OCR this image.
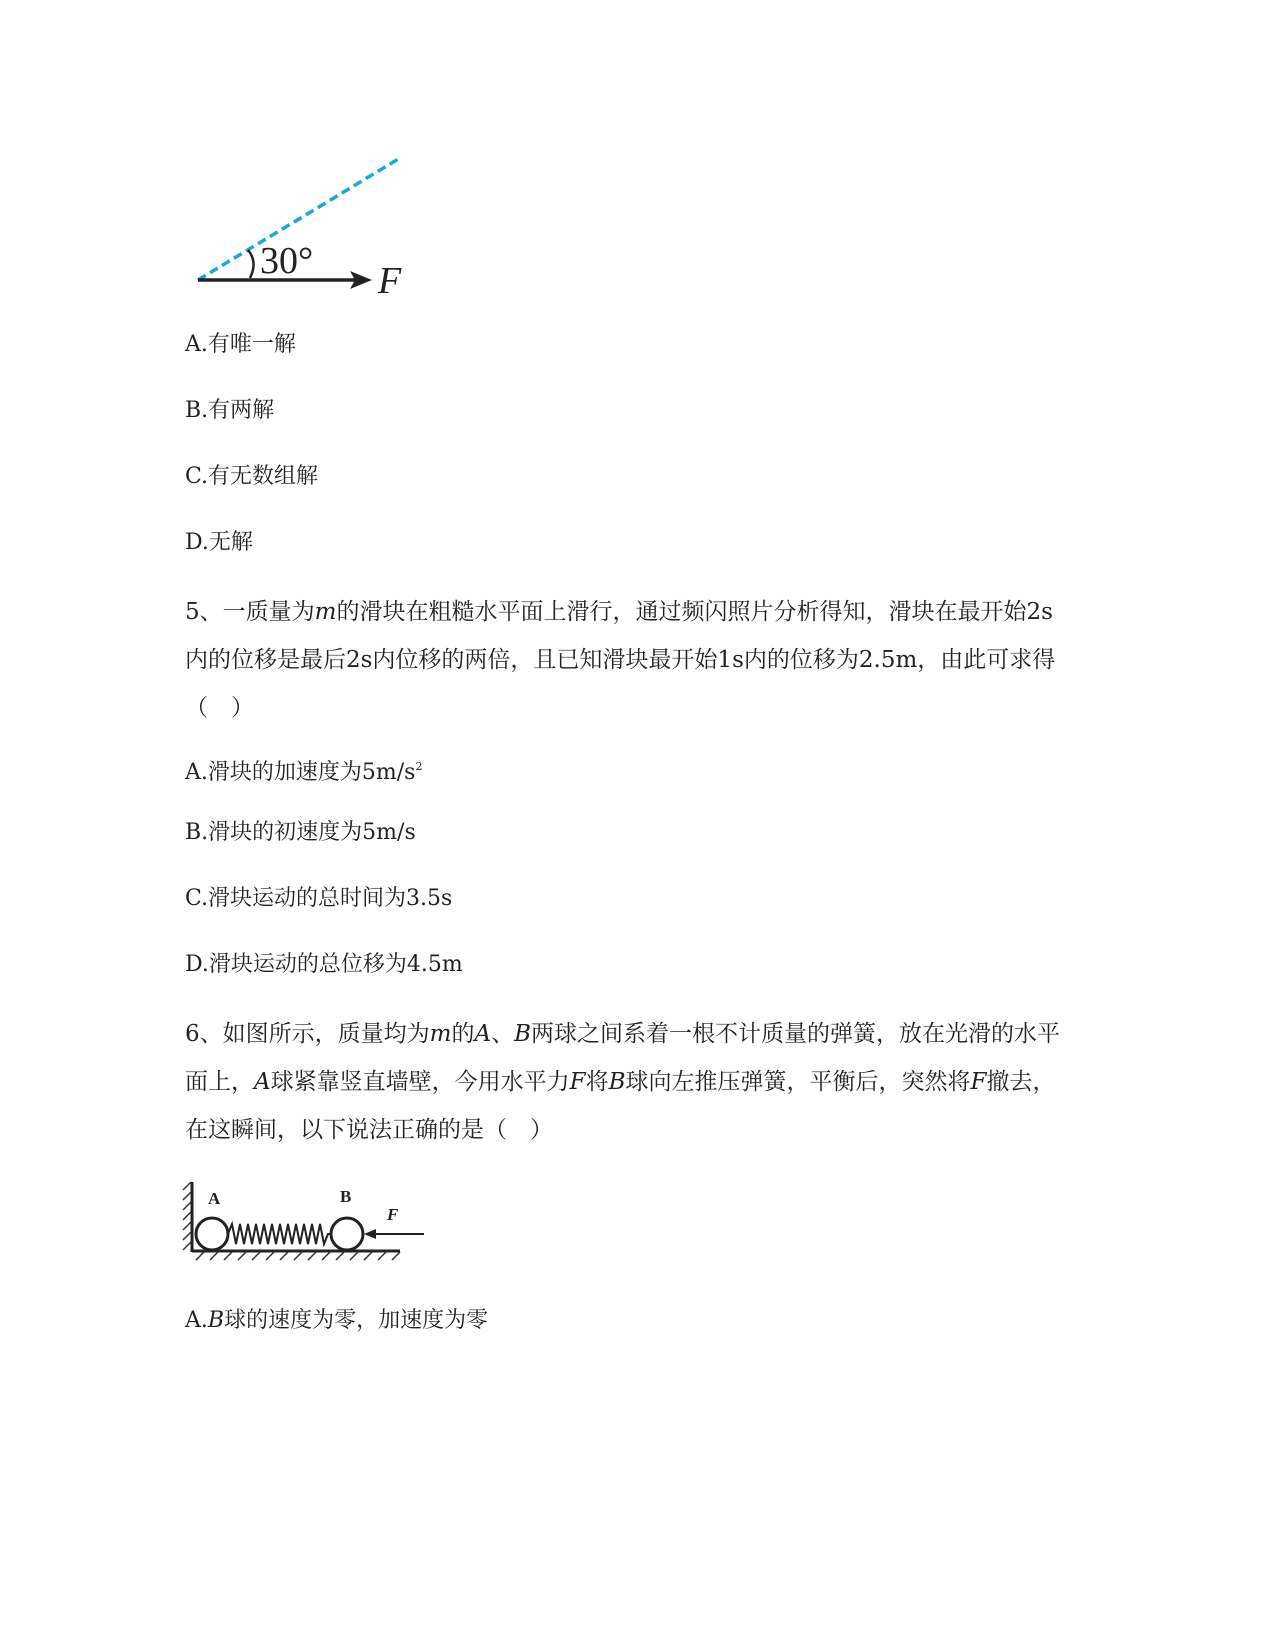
30° F
A.有唯一解
B.有两解
C.有无数组解
D.无解
5、一质量为m的滑块在粗糙水平面上滑行，通过频闪照片分析得知，滑块在最开始2s内的位移是最后2s内位移的两倍，且已知滑块最开始1s内的位移为2.5m，由此可求得（　）
A.滑块的加速度为$5m/s^2$
B.滑块的初速度为5m/s
C.滑块运动的总时间为3.5s
D.滑块运动的总位移为4.5m
6、如图所示，质量均为m的A、B两球之间系着一根不计质量的弹簧，放在光滑的水平面上，A球紧靠竖直墙壁，今用水平力F将B球向左推压弹簧，平衡后，突然将F撤去，在这瞬间，以下说法正确的是（　）
A	B
F
A.B球的速度为零，加速度为零
